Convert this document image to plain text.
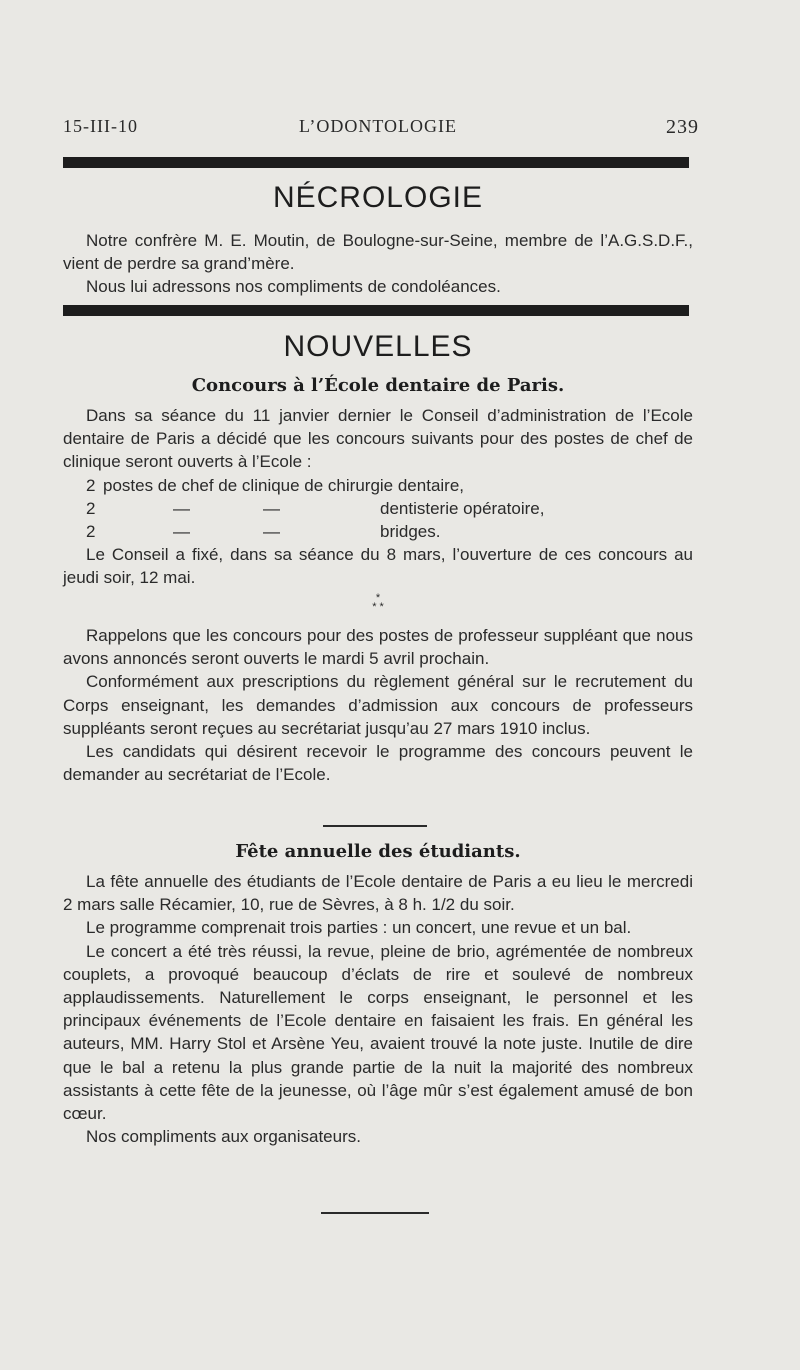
15-III-10	L’ODONTOLOGIE	239
NÉCROLOGIE

Notre confrère M. E. Moutin, de Boulogne-sur-Seine, membre de l’A.G.S.D.F., vient de perdre sa grand’mère.

Nous lui adressons nos compliments de condoléances.

NOUVELLES
Concours à l’École dentaire de Paris.

Dans sa séance du 11 janvier dernier le Conseil d’administration de l’Ecole dentaire de Paris a décidé que les concours suivants pour des postes de chef de clinique seront ouverts à l’Ecole :

2 postes de chef de clinique de chirurgie dentaire,
2	—	—	dentisterie opératoire,
2	—	—	bridges.

Le Conseil a fixé, dans sa séance du 8 mars, l’ouverture de ces concours au jeudi soir, 12 mai.

*
* *

Rappelons que les concours pour des postes de professeur suppléant que nous avons annoncés seront ouverts le mardi 5 avril prochain.

Conformément aux prescriptions du règlement général sur le recrutement du Corps enseignant, les demandes d’admission aux concours de professeurs suppléants seront reçues au secrétariat jusqu’au 27 mars 1910 inclus.

Les candidats qui désirent recevoir le programme des concours peuvent le demander au secrétariat de l’Ecole.

Fête annuelle des étudiants.

La fête annuelle des étudiants de l’Ecole dentaire de Paris a eu lieu le mercredi 2 mars salle Récamier, 10, rue de Sèvres, à 8 h. 1/2 du soir.

Le programme comprenait trois parties : un concert, une revue et un bal.

Le concert a été très réussi, la revue, pleine de brio, agrémentée de nombreux couplets, a provoqué beaucoup d’éclats de rire et soulevé de nombreux applaudissements. Naturellement le corps enseignant, le personnel et les principaux événements de l’Ecole dentaire en faisaient les frais. En général les auteurs, MM. Harry Stol et Arsène Yeu, avaient trouvé la note juste. Inutile de dire que le bal a retenu la plus grande partie de la nuit la majorité des nombreux assistants à cette fête de la jeunesse, où l’âge mûr s’est également amusé de bon cœur.

Nos compliments aux organisateurs.
